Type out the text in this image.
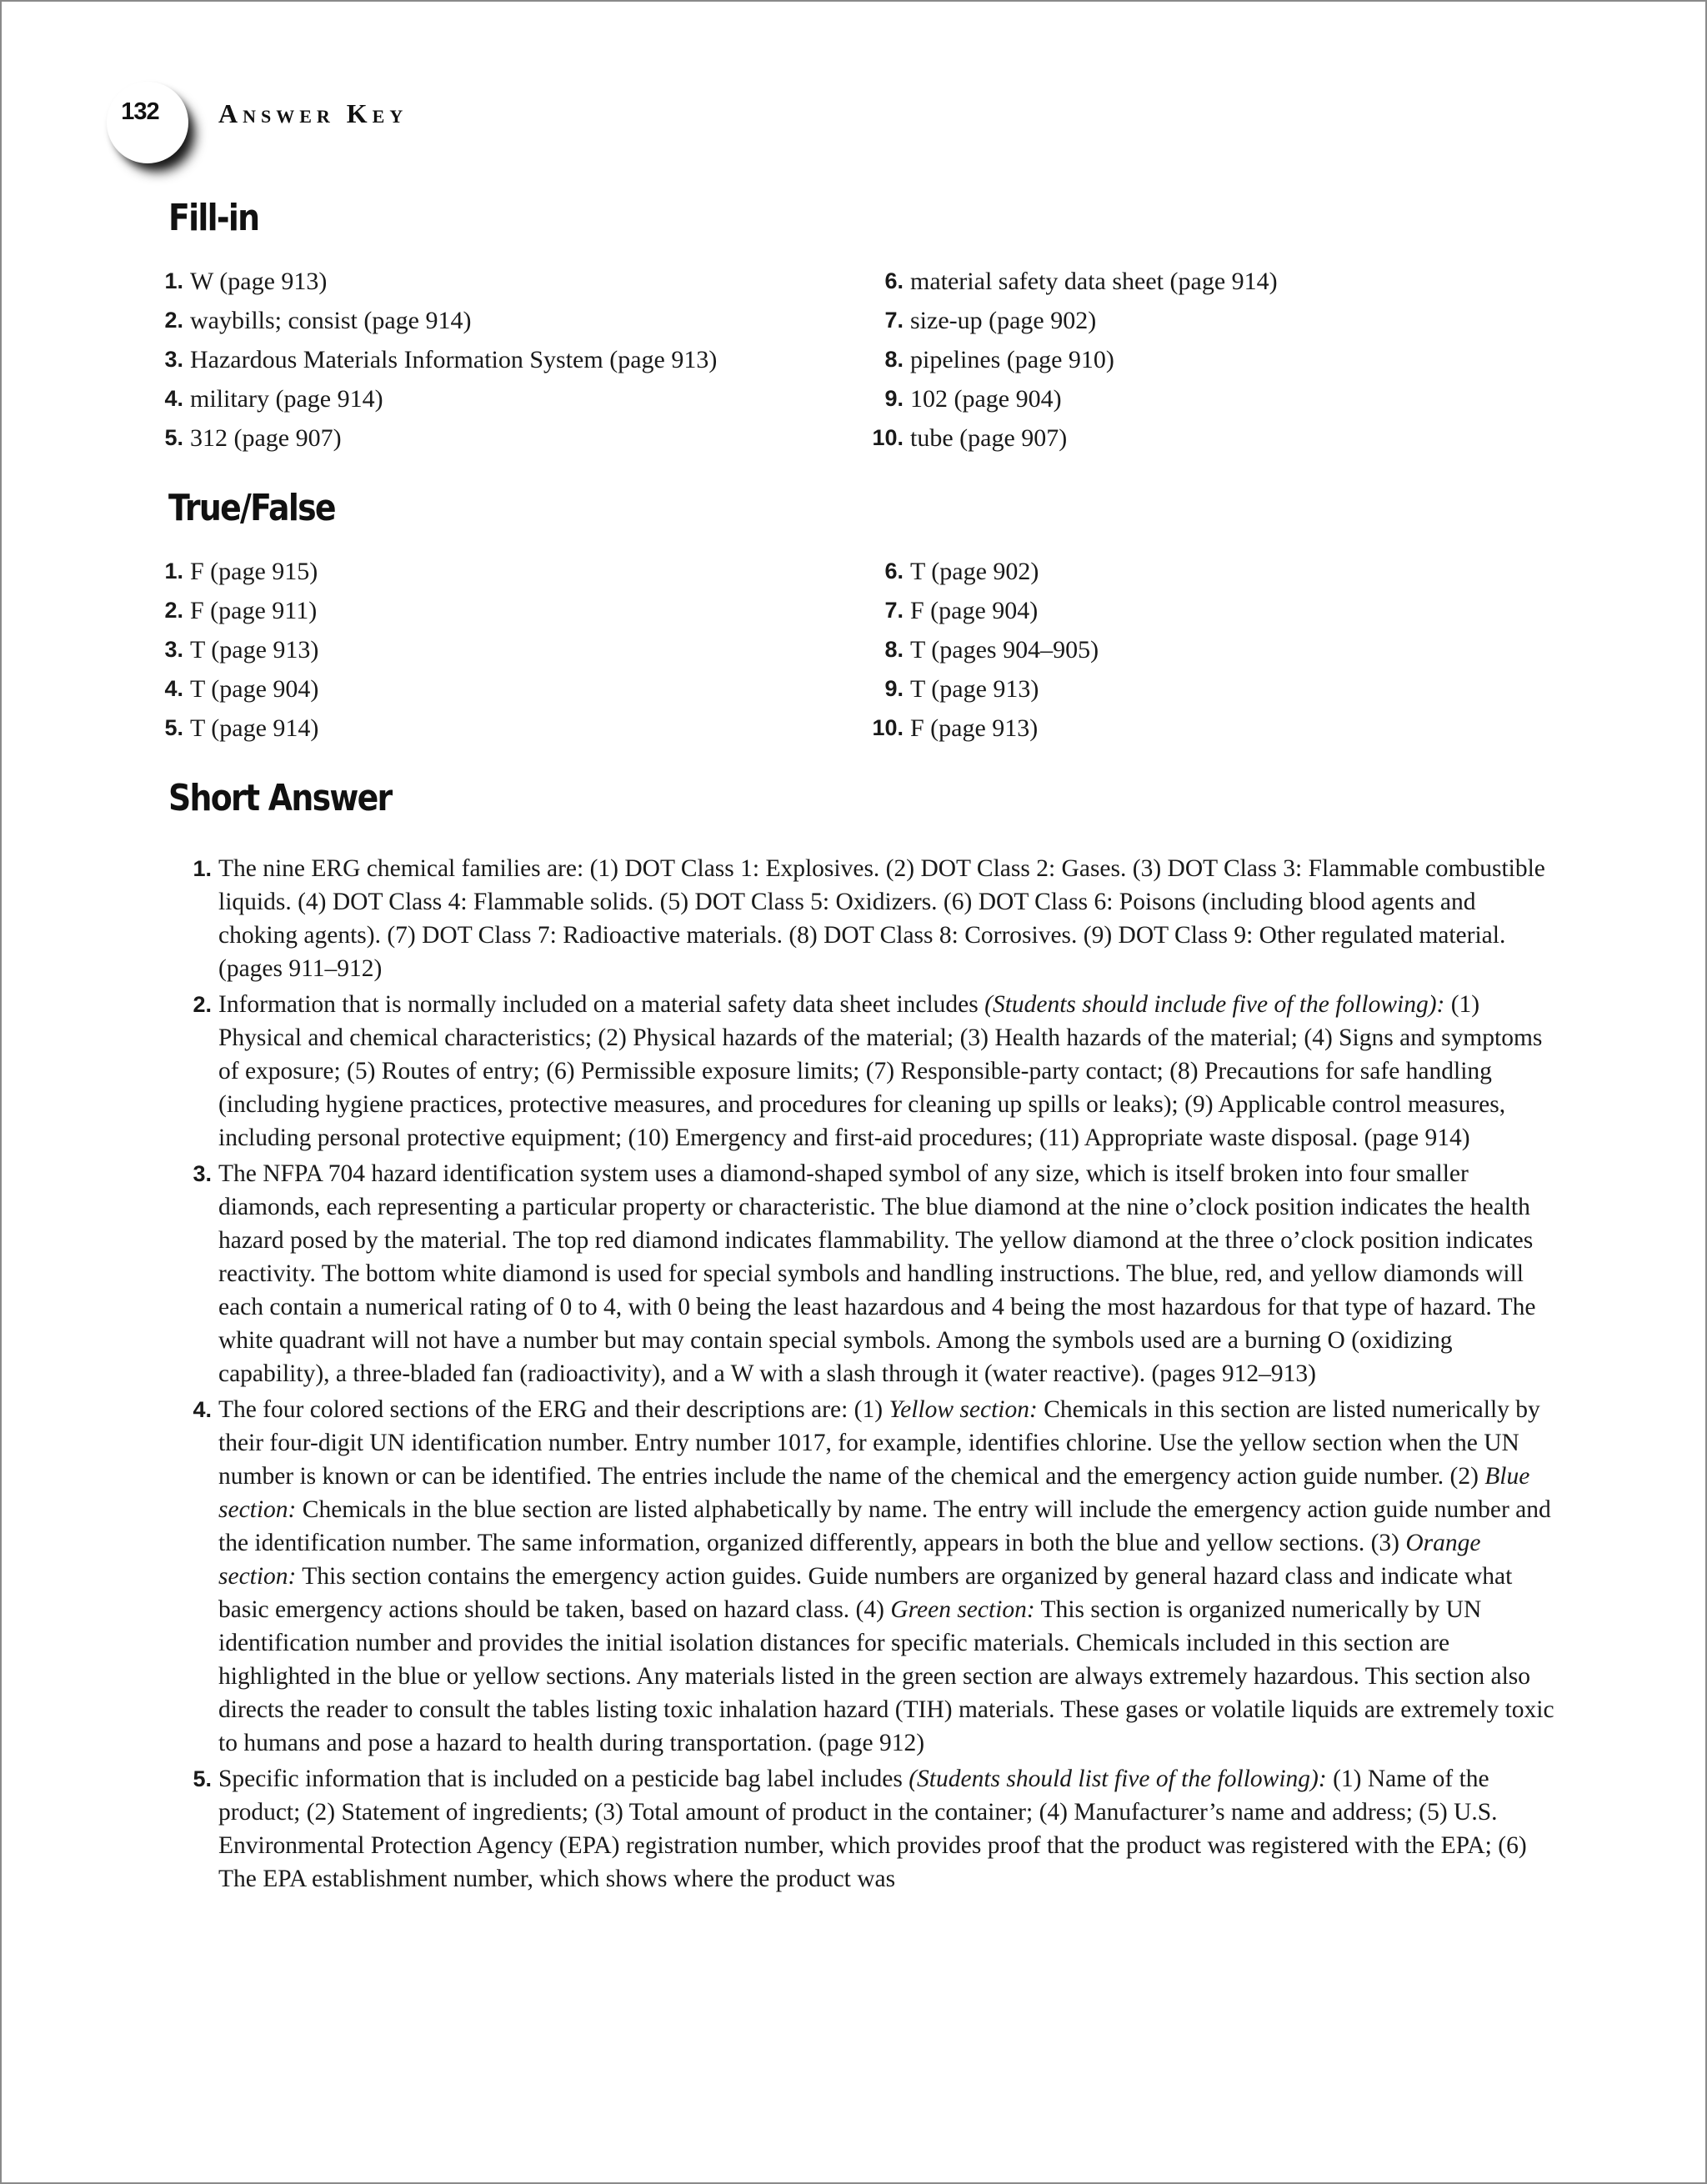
132	Answer Key
Fill-in
1. W (page 913)
2. waybills; consist (page 914)
3. Hazardous Materials Information System (page 913)
4. military (page 914)
5. 312 (page 907)
6. material safety data sheet (page 914)
7. size-up (page 902)
8. pipelines (page 910)
9. 102 (page 904)
10. tube (page 907)
True/False
1. F (page 915)
2. F (page 911)
3. T (page 913)
4. T (page 904)
5. T (page 914)
6. T (page 902)
7. F (page 904)
8. T (pages 904–905)
9. T (page 913)
10. F (page 913)
Short Answer
1. The nine ERG chemical families are: (1) DOT Class 1: Explosives. (2) DOT Class 2: Gases. (3) DOT Class 3: Flammable combustible liquids. (4) DOT Class 4: Flammable solids. (5) DOT Class 5: Oxidizers. (6) DOT Class 6: Poisons (including blood agents and choking agents). (7) DOT Class 7: Radioactive materials. (8) DOT Class 8: Corrosives. (9) DOT Class 9: Other regulated material. (pages 911–912)
2. Information that is normally included on a material safety data sheet includes (Students should include five of the following): (1) Physical and chemical characteristics; (2) Physical hazards of the material; (3) Health hazards of the material; (4) Signs and symptoms of exposure; (5) Routes of entry; (6) Permissible exposure limits; (7) Responsible-party contact; (8) Precautions for safe handling (including hygiene practices, protective measures, and procedures for cleaning up spills or leaks); (9) Applicable control measures, including personal protective equipment; (10) Emergency and first-aid procedures; (11) Appropriate waste disposal. (page 914)
3. The NFPA 704 hazard identification system uses a diamond-shaped symbol of any size, which is itself broken into four smaller diamonds, each representing a particular property or characteristic. The blue diamond at the nine o’clock position indicates the health hazard posed by the material. The top red diamond indicates flammability. The yellow diamond at the three o’clock position indicates reactivity. The bottom white diamond is used for special symbols and handling instructions. The blue, red, and yellow diamonds will each contain a numerical rating of 0 to 4, with 0 being the least hazardous and 4 being the most hazardous for that type of hazard. The white quadrant will not have a number but may contain special symbols. Among the symbols used are a burning O (oxidizing capability), a three-bladed fan (radioactivity), and a W with a slash through it (water reactive). (pages 912–913)
4. The four colored sections of the ERG and their descriptions are: (1) Yellow section: Chemicals in this section are listed numerically by their four-digit UN identification number. Entry number 1017, for example, identifies chlorine. Use the yellow section when the UN number is known or can be identified. The entries include the name of the chemical and the emergency action guide number. (2) Blue section: Chemicals in the blue section are listed alphabetically by name. The entry will include the emergency action guide number and the identification number. The same information, organized differently, appears in both the blue and yellow sections. (3) Orange section: This section contains the emergency action guides. Guide numbers are organized by general hazard class and indicate what basic emergency actions should be taken, based on hazard class. (4) Green section: This section is organized numerically by UN identification number and provides the initial isolation distances for specific materials. Chemicals included in this section are highlighted in the blue or yellow sections. Any materials listed in the green section are always extremely hazardous. This section also directs the reader to consult the tables listing toxic inhalation hazard (TIH) materials. These gases or volatile liquids are extremely toxic to humans and pose a hazard to health during transportation. (page 912)
5. Specific information that is included on a pesticide bag label includes (Students should list five of the following): (1) Name of the product; (2) Statement of ingredients; (3) Total amount of product in the container; (4) Manufacturer’s name and address; (5) U.S. Environmental Protection Agency (EPA) registration number, which provides proof that the product was registered with the EPA; (6) The EPA establishment number, which shows where the product was
